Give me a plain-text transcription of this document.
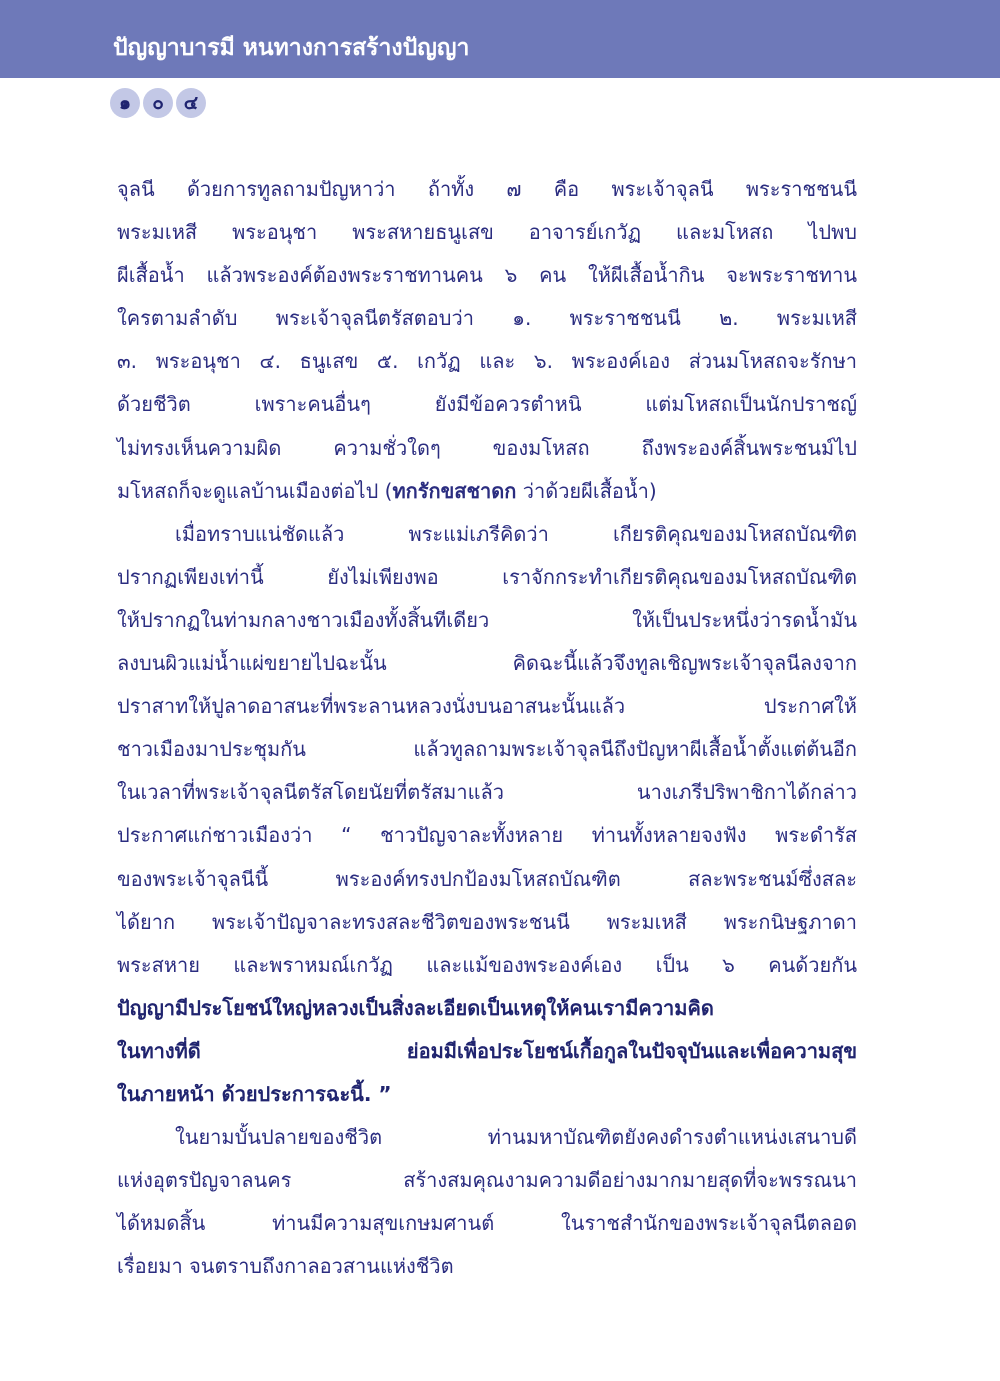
ปัญญาบารมี หนทางการสร้างปัญญา
๑	๐	๔
จุลนี ด้วยการทูลถามปัญหาว่า ถ้าทั้ง ๗ คือ พระเจ้าจุลนี พระราชชนนี
พระมเหสี พระอนุชา พระสหายธนูเสข อาจารย์เกวัฏ และมโหสถ ไปพบ
ผีเสื้อน้ำ แล้วพระองค์ต้องพระราชทานคน ๖ คน ให้ผีเสื้อน้ำกิน จะพระราชทาน
ใครตามลำดับ พระเจ้าจุลนีตรัสตอบว่า ๑. พระราชชนนี ๒. พระมเหสี
๓. พระอนุชา ๔. ธนูเสข ๕. เกวัฏ และ ๖. พระองค์เอง ส่วนมโหสถจะรักษา
ด้วยชีวิต เพราะคนอื่นๆ ยังมีข้อควรตำหนิ แต่มโหสถเป็นนักปราชญ์
ไม่ทรงเห็นความผิด ความชั่วใดๆ ของมโหสถ ถึงพระองค์สิ้นพระชนม์ไป
มโหสถก็จะดูแลบ้านเมืองต่อไป (ทกรักขสชาดก ว่าด้วยผีเสื้อน้ำ)
เมื่อทราบแน่ชัดแล้ว พระแม่เภรีคิดว่า เกียรติคุณของมโหสถบัณฑิต
ปรากฏเพียงเท่านี้ ยังไม่เพียงพอ เราจักกระทำเกียรติคุณของมโหสถบัณฑิต
ให้ปรากฏในท่ามกลางชาวเมืองทั้งสิ้นทีเดียว ให้เป็นประหนึ่งว่ารดน้ำมัน
ลงบนผิวแม่น้ำแผ่ขยายไปฉะนั้น คิดฉะนี้แล้วจึงทูลเชิญพระเจ้าจุลนีลงจาก
ปราสาทให้ปูลาดอาสนะที่พระลานหลวงนั่งบนอาสนะนั้นแล้ว ประกาศให้
ชาวเมืองมาประชุมกัน แล้วทูลถามพระเจ้าจุลนีถึงปัญหาผีเสื้อน้ำตั้งแต่ต้นอีก
ในเวลาที่พระเจ้าจุลนีตรัสโดยนัยที่ตรัสมาแล้ว นางเภรีปริพาชิกาได้กล่าว
ประกาศแก่ชาวเมืองว่า “ ชาวปัญจาละทั้งหลาย ท่านทั้งหลายจงฟัง พระดำรัส
ของพระเจ้าจุลนีนี้ พระองค์ทรงปกป้องมโหสถบัณฑิต สละพระชนม์ซึ่งสละ
ได้ยาก พระเจ้าปัญจาละทรงสละชีวิตของพระชนนี พระมเหสี พระกนิษฐภาดา
พระสหาย และพราหมณ์เกวัฏ และแม้ของพระองค์เอง เป็น ๖ คนด้วยกัน
ปัญญามีประโยชน์ใหญ่หลวงเป็นสิ่งละเอียดเป็นเหตุให้คนเรามีความคิด
ในทางที่ดี ย่อมมีเพื่อประโยชน์เกื้อกูลในปัจจุบันและเพื่อความสุข
ในภายหน้า ด้วยประการฉะนี้. ”
ในยามบั้นปลายของชีวิต ท่านมหาบัณฑิตยังคงดำรงตำแหน่งเสนาบดี
แห่งอุตรปัญจาลนคร สร้างสมคุณงามความดีอย่างมากมายสุดที่จะพรรณนา
ได้หมดสิ้น ท่านมีความสุขเกษมศานต์ ในราชสำนักของพระเจ้าจุลนีตลอด
เรื่อยมา จนตราบถึงกาลอวสานแห่งชีวิต
